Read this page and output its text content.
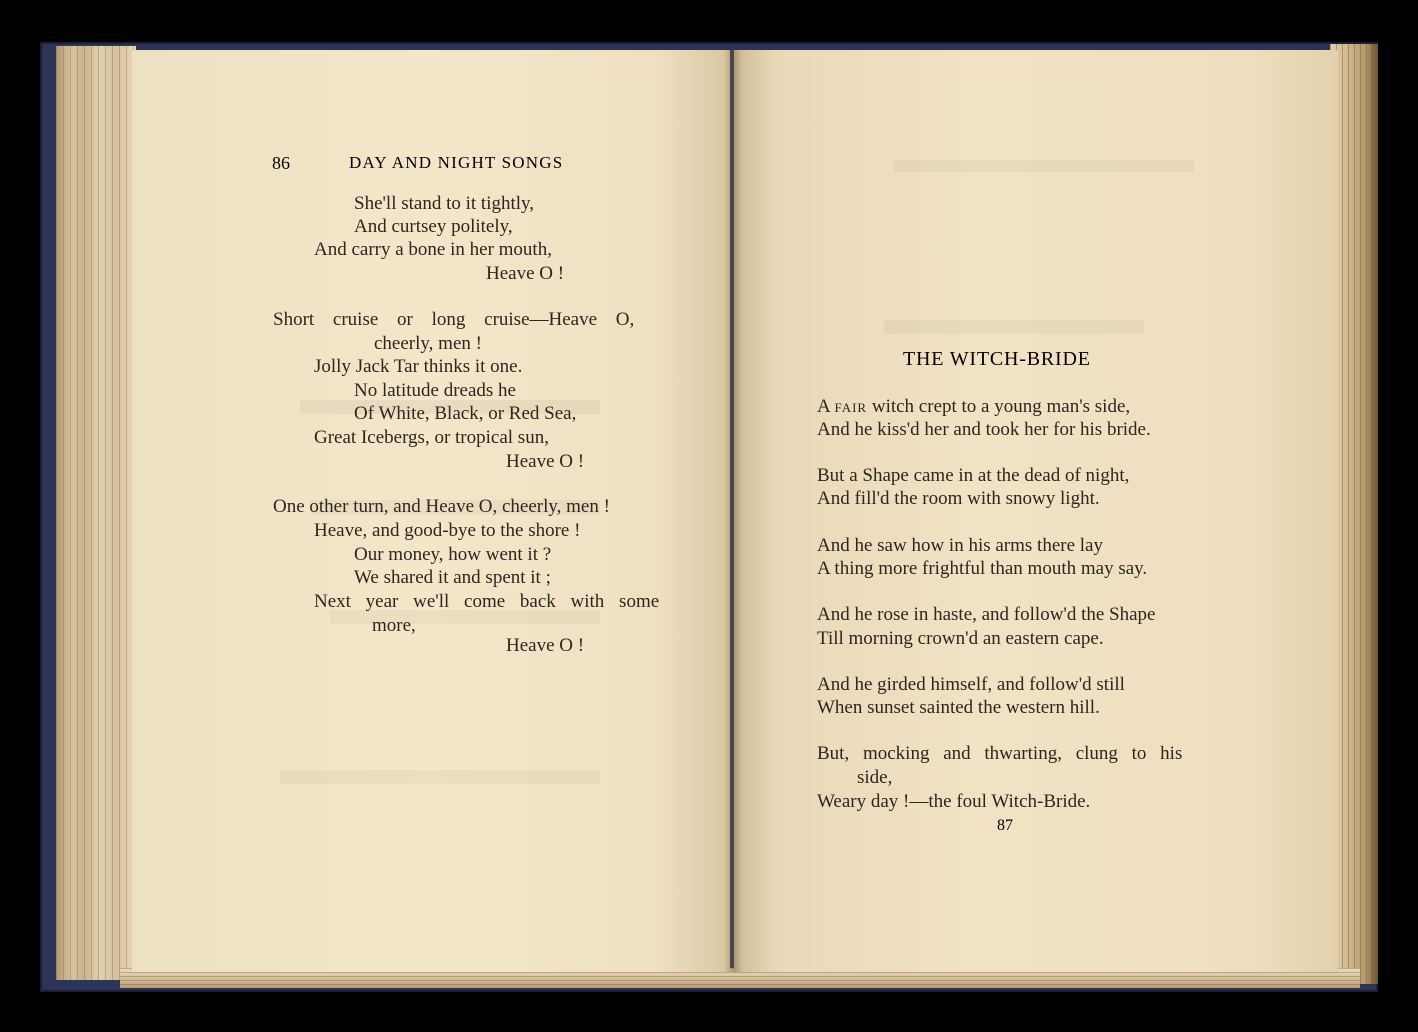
86	DAY AND NIGHT SONGS
She'll stand to it tightly,
And curtsey politely,
And carry a bone in her mouth,
Heave O !
Short cruise or long cruise—Heave O,
cheerly, men !
Jolly Jack Tar thinks it one.
No latitude dreads he
Of White, Black, or Red Sea,
Great Icebergs, or tropical sun,
Heave O !
One other turn, and Heave O, cheerly, men !
Heave, and good-bye to the shore !
Our money, how went it ?
We shared it and spent it ;
Next year we'll come back with some
more,
Heave O !
THE WITCH-BRIDE
A FAIR witch crept to a young man's side,
And he kiss'd her and took her for his bride.
But a Shape came in at the dead of night,
And fill'd the room with snowy light.
And he saw how in his arms there lay
A thing more frightful than mouth may say.
And he rose in haste, and follow'd the Shape
Till morning crown'd an eastern cape.
And he girded himself, and follow'd still
When sunset sainted the western hill.
But, mocking and thwarting, clung to his
side,
Weary day !—the foul Witch-Bride.
87
